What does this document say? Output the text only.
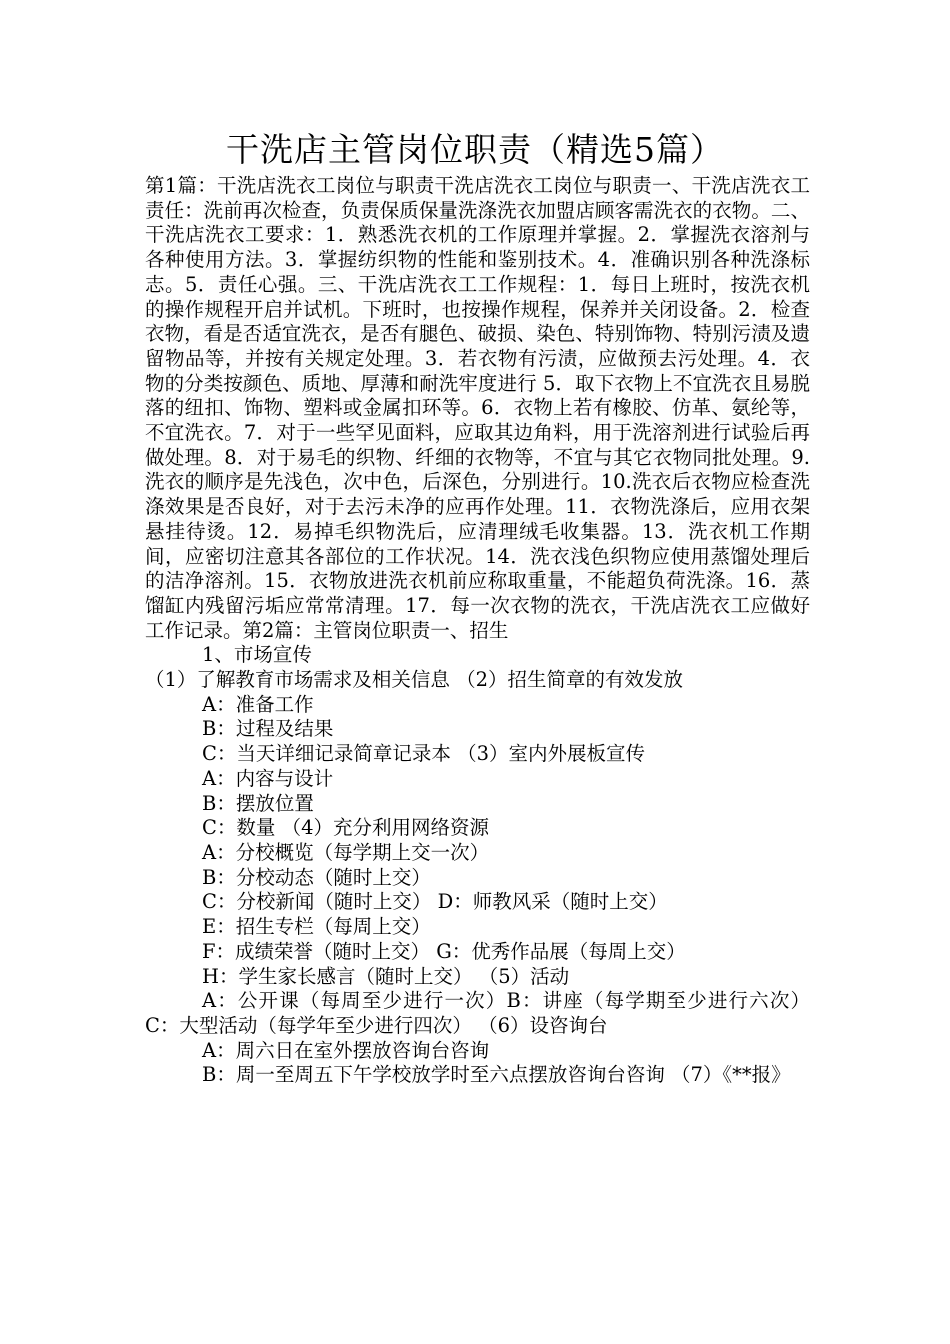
干洗店主管岗位职责（精选5篇）

第1篇：干洗店洗衣工岗位与职责干洗店洗衣工岗位与职责一、干洗店洗衣工责任：洗前再次检查，负责保质保量洗涤洗衣加盟店顾客需洗衣的衣物。二、干洗店洗衣工要求：1．熟悉洗衣机的工作原理并掌握。2．掌握洗衣溶剂与各种使用方法。3．掌握纺织物的性能和鉴别技术。4．准确识别各种洗涤标志。5．责任心强。三、干洗店洗衣工工作规程：1．每日上班时，按洗衣机的操作规程开启并试机。下班时，也按操作规程，保养并关闭设备。2．检查衣物，看是否适宜洗衣，是否有腿色、破损、染色、特别饰物、特别污渍及遗留物品等，并按有关规定处理。3．若衣物有污渍，应做预去污处理。4．衣物的分类按颜色、质地、厚薄和耐洗牢度进行 5．取下衣物上不宜洗衣且易脱落的纽扣、饰物、塑料或金属扣环等。6．衣物上若有橡胶、仿革、氨纶等，不宜洗衣。7．对于一些罕见面料，应取其边角料，用于洗溶剂进行试验后再做处理。8．对于易毛的织物、纤细的衣物等，不宜与其它衣物同批处理。9.洗衣的顺序是先浅色，次中色，后深色，分别进行。10.洗衣后衣物应检查洗涤效果是否良好，对于去污未净的应再作处理。11．衣物洗涤后，应用衣架悬挂待烫。12．易掉毛织物洗后，应清理绒毛收集器。13．洗衣机工作期间，应密切注意其各部位的工作状况。14．洗衣浅色织物应使用蒸馏处理后的洁净溶剂。15．衣物放进洗衣机前应称取重量，不能超负荷洗涤。16．蒸馏缸内残留污垢应常常清理。17．每一次衣物的洗衣，干洗店洗衣工应做好工作记录。第2篇：主管岗位职责一、招生

1、市场宣传

（1）了解教育市场需求及相关信息 （2）招生简章的有效发放

A：准备工作

B：过程及结果

C：当天详细记录简章记录本 （3）室内外展板宣传

A：内容与设计

B：摆放位置

C：数量 （4）充分利用网络资源

A：分校概览（每学期上交一次）

B：分校动态（随时上交）

C：分校新闻（随时上交） D：师教风采（随时上交）

E：招生专栏（每周上交）

F：成绩荣誉（随时上交） G：优秀作品展（每周上交）

H：学生家长感言（随时上交） （5）活动

A：公开课（每周至少进行一次）B：讲座（每学期至少进行六次）C：大型活动（每学年至少进行四次） （6）设咨询台

A：周六日在室外摆放咨询台咨询

B：周一至周五下午学校放学时至六点摆放咨询台咨询 （7）《**报》
